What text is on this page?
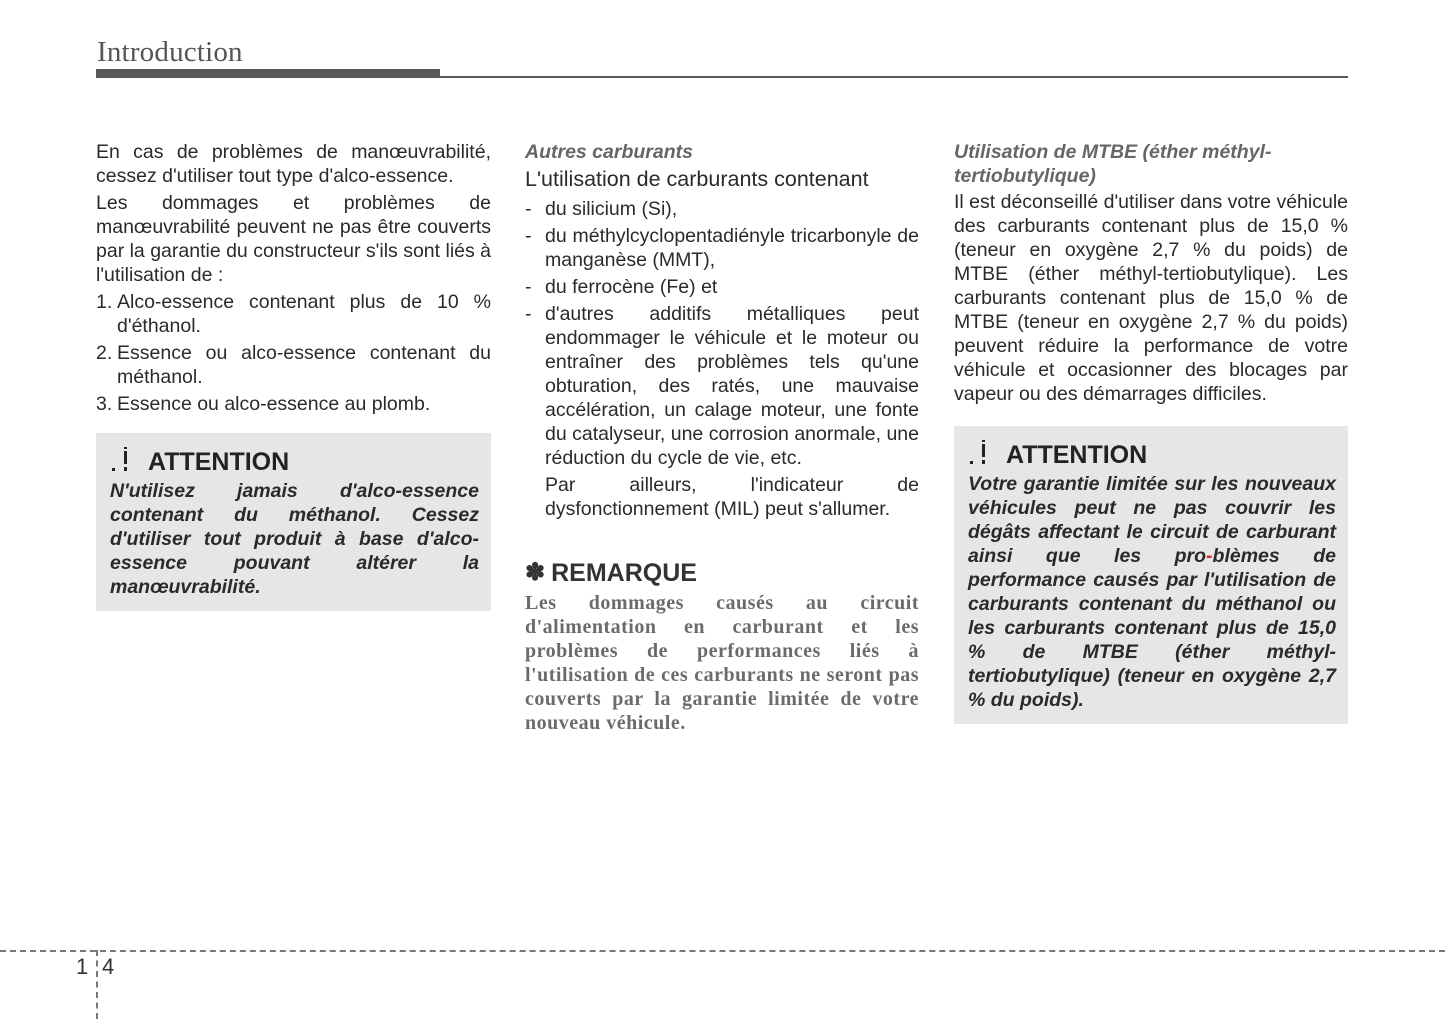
Introduction

En cas de problèmes de manœuvrabilité, cessez d'utiliser tout type d'alco-essence.

Les dommages et problèmes de manœuvrabilité peuvent ne pas être couverts par la garantie du constructeur s'ils sont liés à l'utilisation de :

1. Alco-essence contenant plus de 10 % d'éthanol.
2. Essence ou alco-essence contenant du méthanol.
3. Essence ou alco-essence au plomb.
ATTENTION
N'utilisez jamais d'alco-essence contenant du méthanol. Cessez d'utiliser tout produit à base d'alco-essence pouvant altérer la manœuvrabilité.
Autres carburants

L'utilisation de carburants contenant

- du silicium (Si),
- du méthylcyclopentadiényle tricarbonyle de manganèse (MMT),
- du ferrocène (Fe) et
- d'autres additifs métalliques peut endommager le véhicule et le moteur ou entraîner des problèmes tels qu'une obturation, des ratés, une mauvaise accélération, un calage moteur, une fonte du catalyseur, une corrosion anormale, une réduction du cycle de vie, etc.
Par ailleurs, l'indicateur de dysfonctionnement (MIL) peut s'allumer.
✽ REMARQUE
Les dommages causés au circuit d'alimentation en carburant et les problèmes de performances liés à l'utilisation de ces carburants ne seront pas couverts par la garantie limitée de votre nouveau véhicule.
Utilisation de MTBE (éther méthyl-tertiobutylique)

Il est déconseillé d'utiliser dans votre véhicule des carburants contenant plus de 15,0 % (teneur en oxygène 2,7 % du poids) de MTBE (éther méthyl-tertiobutylique). Les carburants contenant plus de 15,0 % de MTBE (teneur en oxygène 2,7 % du poids) peuvent réduire la performance de votre véhicule et occasionner des blocages par vapeur ou des démarrages difficiles.

ATTENTION
Votre garantie limitée sur les nouveaux véhicules peut ne pas couvrir les dégâts affectant le circuit de carburant ainsi que les pro-blèmes de performance causés par l'utilisation de carburants contenant du méthanol ou les carburants contenant plus de 15,0 % de MTBE (éther méthyl- tertiobutylique) (teneur en oxygène 2,7 % du poids).
1 4
